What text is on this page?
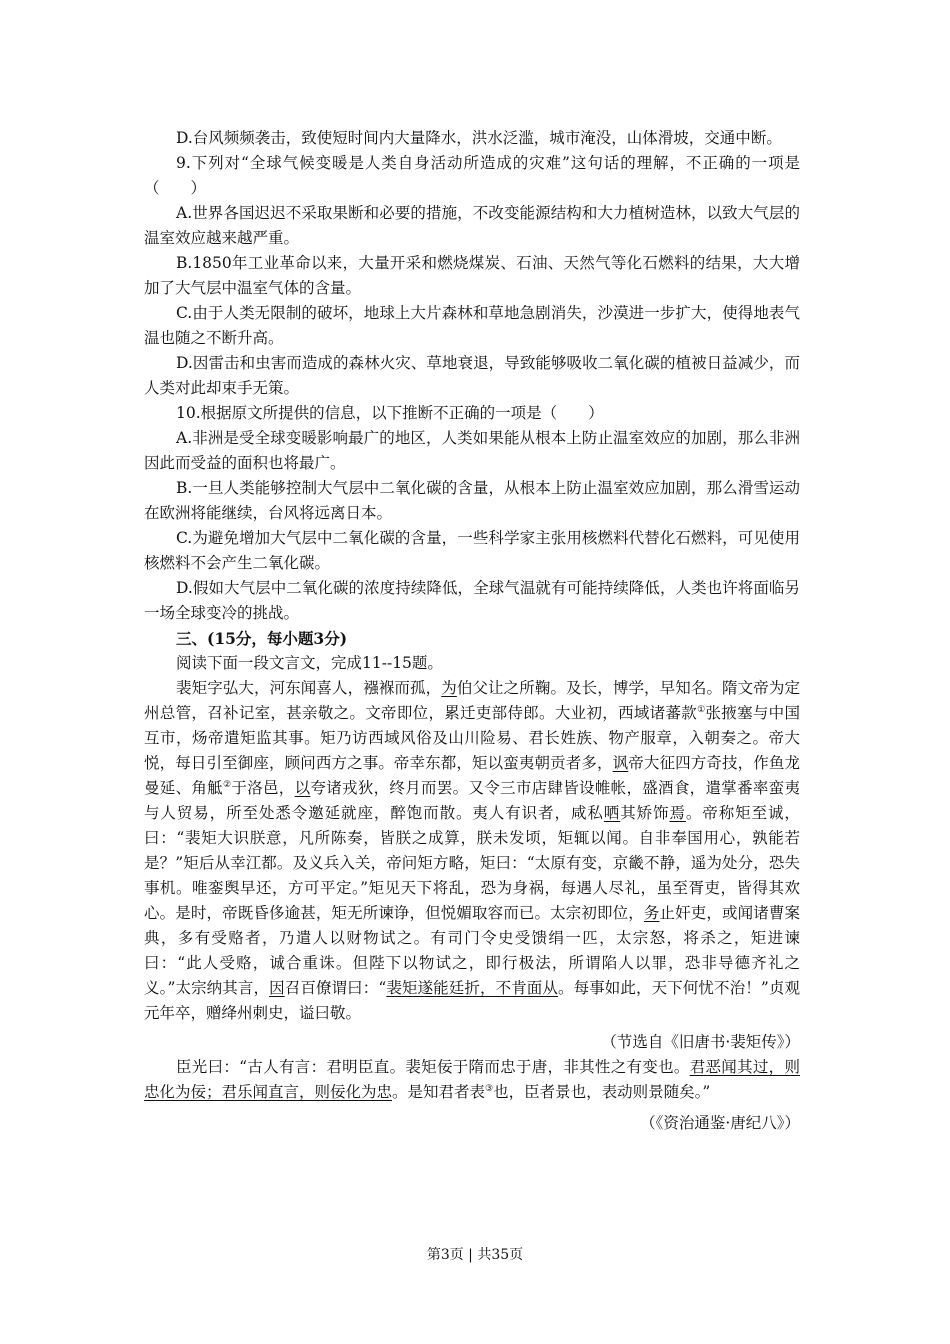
D.台风频频袭击，致使短时间内大量降水，洪水泛滥，城市淹没，山体滑坡，交通中断。

9.下列对“全球气候变暖是人类自身活动所造成的灾难”这句话的理解，不正确的一项是（　　）

A.世界各国迟迟不采取果断和必要的措施，不改变能源结构和大力植树造林，以致大气层的温室效应越来越严重。

B.1850年工业革命以来，大量开采和燃烧煤炭、石油、天然气等化石燃料的结果，大大增加了大气层中温室气体的含量。

C.由于人类无限制的破坏，地球上大片森林和草地急剧消失，沙漠进一步扩大，使得地表气温也随之不断升高。

D.因雷击和虫害而造成的森林火灾、草地衰退，导致能够吸收二氧化碳的植被日益减少，而人类对此却束手无策。

10.根据原文所提供的信息，以下推断不正确的一项是（　　）

A.非洲是受全球变暖影响最广的地区，人类如果能从根本上防止温室效应的加剧，那么非洲因此而受益的面积也将最广。

B.一旦人类能够控制大气层中二氧化碳的含量，从根本上防止温室效应加剧，那么滑雪运动在欧洲将能继续，台风将远离日本。

C.为避免增加大气层中二氧化碳的含量，一些科学家主张用核燃料代替化石燃料，可见使用核燃料不会产生二氧化碳。

D.假如大气层中二氧化碳的浓度持续降低，全球气温就有可能持续降低，人类也许将面临另一场全球变冷的挑战。

三、(15分，每小题3分)

阅读下面一段文言文，完成11--15题。

裴矩字弘大，河东闻喜人，襁褓而孤，为伯父让之所鞠。及长，博学，早知名。隋文帝为定州总管，召补记室，甚亲敬之。文帝即位，累迁吏部侍郎。大业初，西域诸蕃款①张掖塞与中国互市，炀帝遣矩监其事。矩乃访西域风俗及山川险易、君长姓族、物产服章，入朝奏之。帝大悦，每日引至御座，顾问西方之事。帝幸东都，矩以蛮夷朝贡者多，讽帝大征四方奇技，作鱼龙曼延、角觝②于洛邑，以夸诸戎狄，终月而罢。又令三市店肆皆设帷帐，盛酒食，遣掌番率蛮夷与人贸易，所至处悉令邀延就座，醉饱而散。夷人有识者，咸私哂其矫饰焉。帝称矩至诚，曰：“裴矩大识朕意，凡所陈奏，皆朕之成算，朕未发顷，矩辄以闻。自非奉国用心，孰能若是？”矩后从幸江都。及义兵入关，帝问矩方略，矩曰：“太原有变，京畿不静，遥为处分，恐失事机。唯銮舆早还，方可平定。”矩见天下将乱，恐为身祸，每遇人尽礼，虽至胥吏，皆得其欢心。是时，帝既昏侈逾甚，矩无所谏诤，但悦媚取容而已。太宗初即位，务止奸吏，或闻诸曹案典，多有受赂者，乃遣人以财物试之。有司门令史受馈绢一匹，太宗怒，将杀之，矩进谏曰：“此人受赂，诚合重诛。但陛下以物试之，即行极法，所谓陷人以罪，恐非导德齐礼之义。”太宗纳其言，因召百僚谓曰：“裴矩遂能廷折，不肯面从。每事如此，天下何忧不治！”贞观元年卒，赠绛州刺史，谥曰敬。

（节选自《旧唐书·裴矩传》）

臣光曰：“古人有言：君明臣直。裴矩佞于隋而忠于唐，非其性之有变也。君恶闻其过，则忠化为佞；君乐闻直言，则佞化为忠。是知君者表③也，臣者景也，表动则景随矣。”

（《资治通鉴·唐纪八》）

第3页 | 共35页
